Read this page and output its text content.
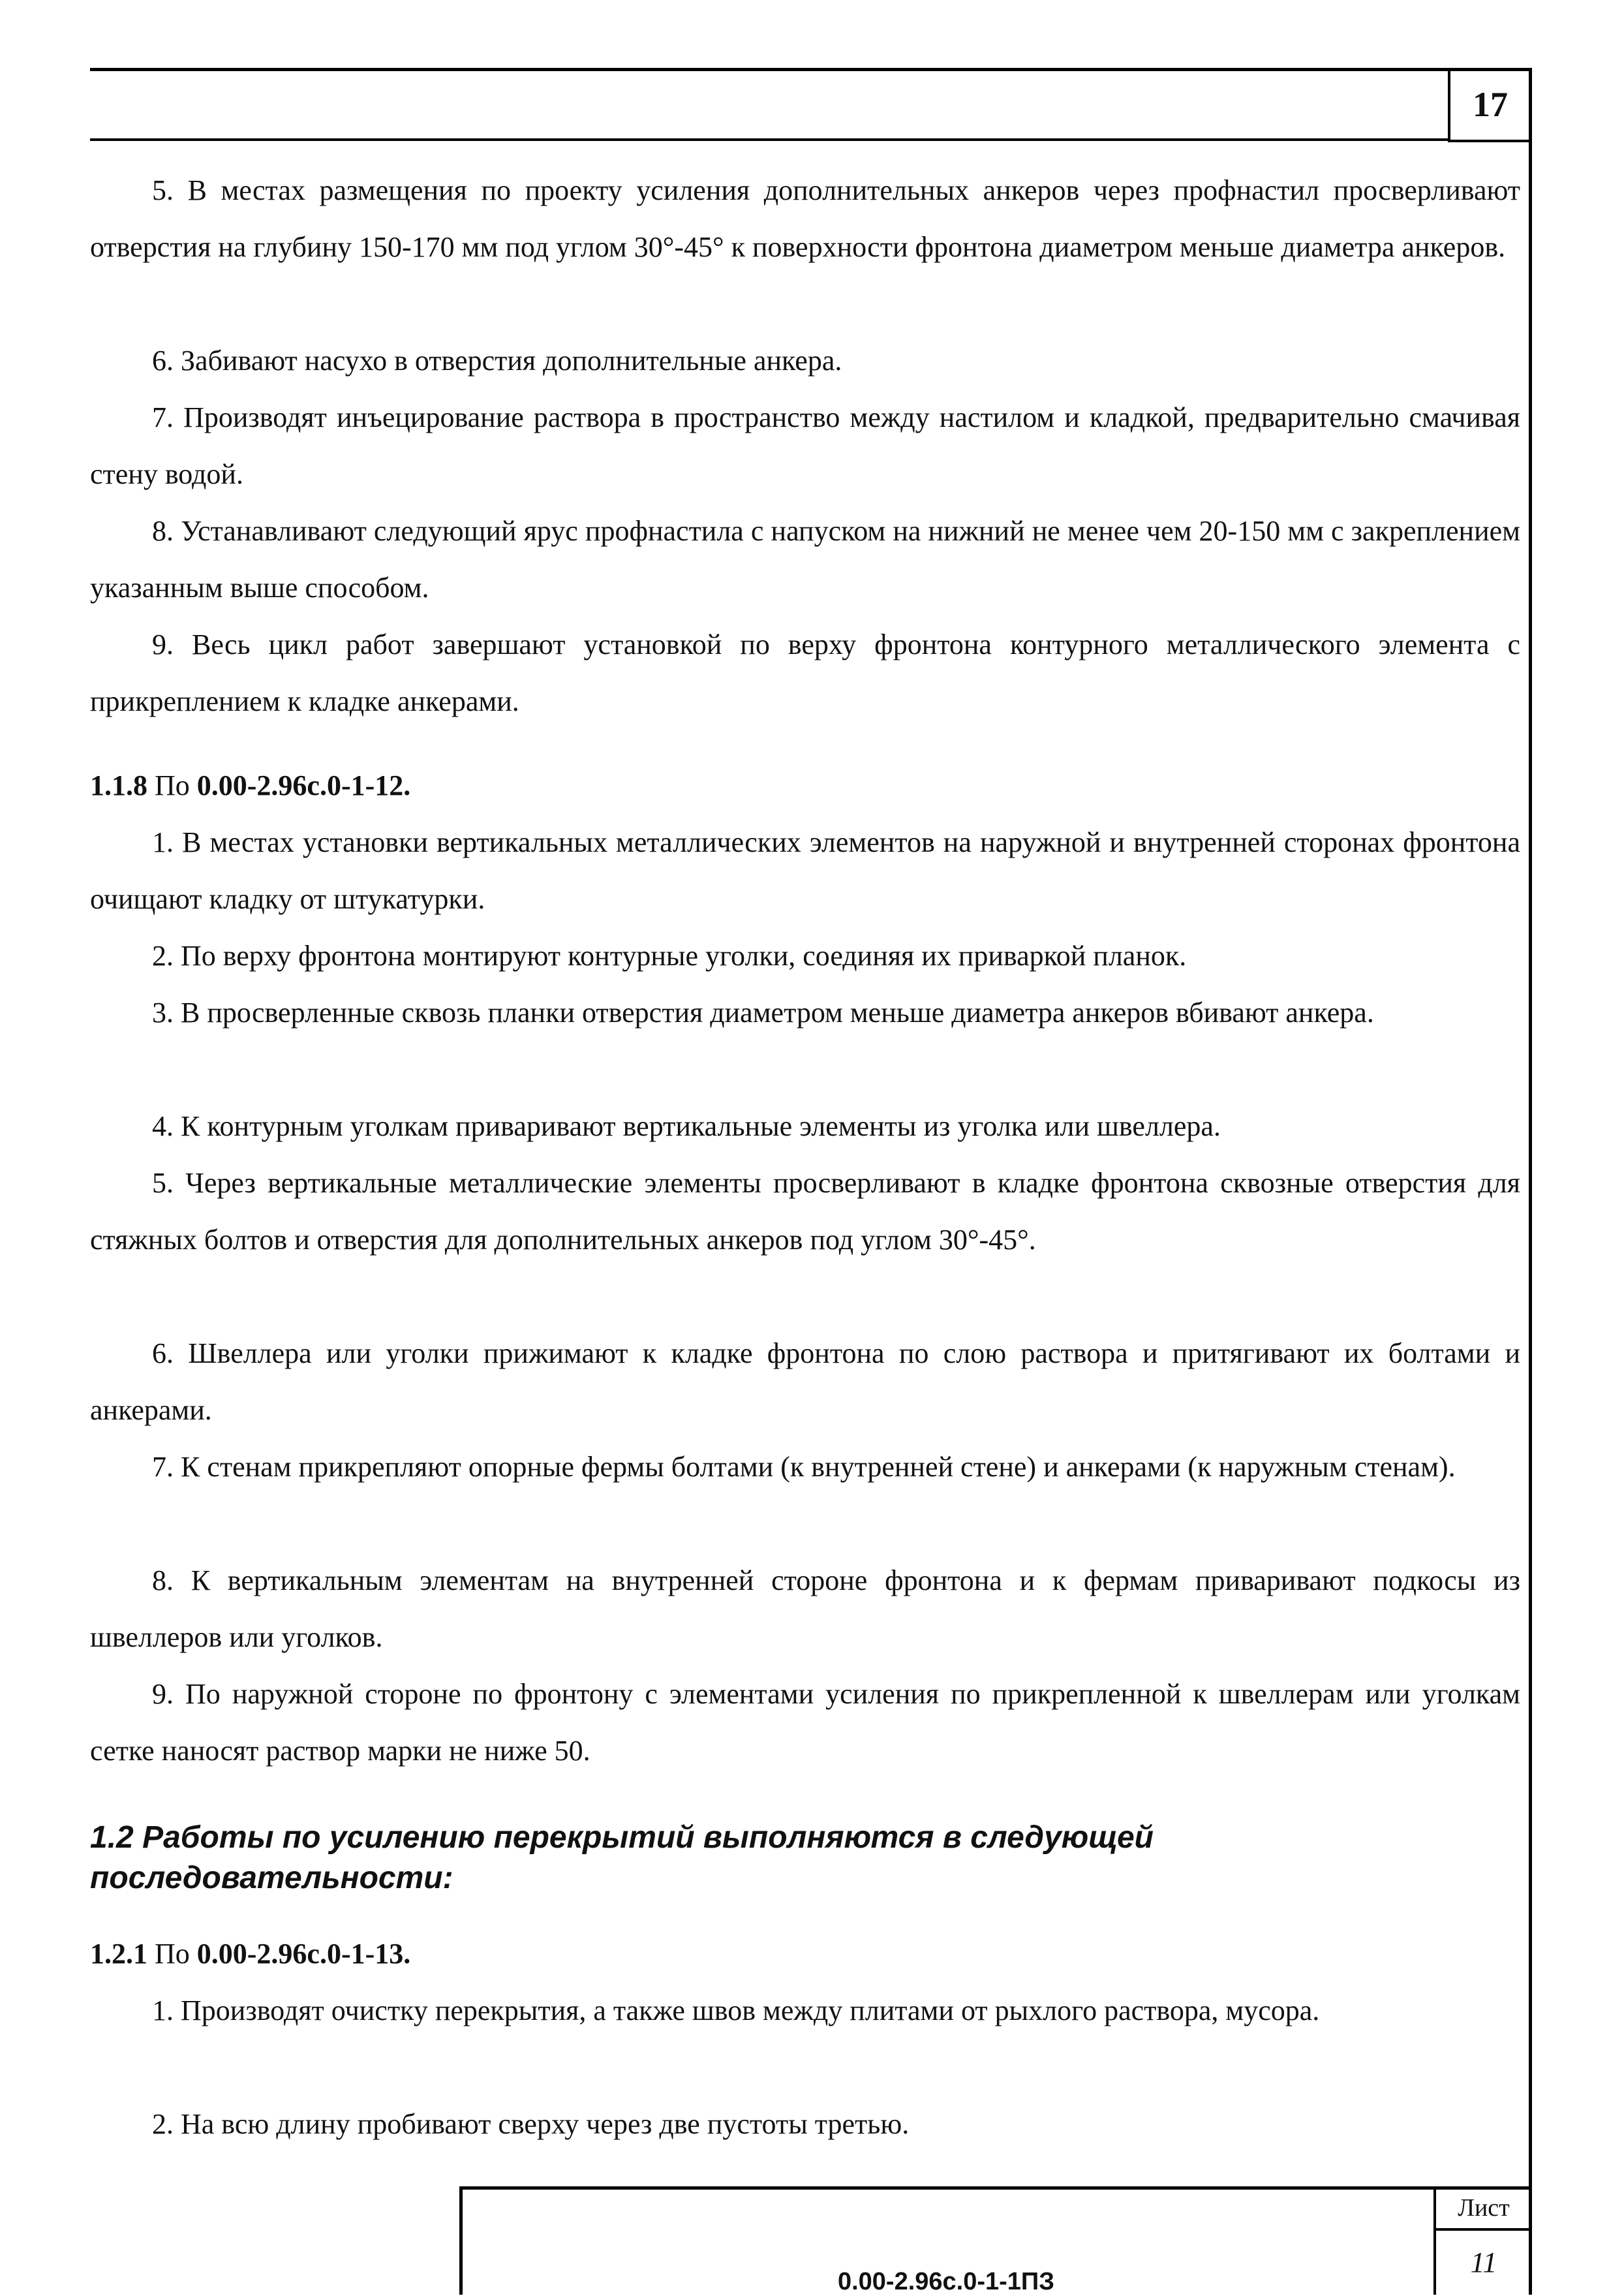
17

5. В местах размещения по проекту усиления дополнительных анкеров через профнастил просверливают отверстия на глубину 150-170 мм под углом 30°-45° к поверхности фронтона диаметром меньше диаметра анкеров.

6. Забивают насухо в отверстия дополнительные анкера.

7. Производят инъецирование раствора в пространство между настилом и кладкой, предварительно смачивая стену водой.

8. Устанавливают следующий ярус профнастила с напуском на нижний не менее чем 20-150 мм с закреплением указанным выше способом.

9. Весь цикл работ завершают установкой по верху фронтона контурного металлического элемента с прикреплением к кладке анкерами.

1.1.8 По 0.00-2.96с.0-1-12.

1. В местах установки вертикальных металлических элементов на наружной и внутренней сторонах фронтона очищают кладку от штукатурки.

2. По верху фронтона монтируют контурные уголки, соединяя их приваркой планок.

3. В просверленные сквозь планки отверстия диаметром меньше диаметра анкеров вбивают анкера.

4. К контурным уголкам приваривают вертикальные элементы из уголка или швеллера.

5. Через вертикальные металлические элементы просверливают в кладке фронтона сквозные отверстия для стяжных болтов и отверстия для дополнительных анкеров под углом 30°-45°.

6. Швеллера или уголки прижимают к кладке фронтона по слою раствора и притягивают их болтами и анкерами.

7. К стенам прикрепляют опорные фермы болтами (к внутренней стене) и анкерами (к наружным стенам).

8. К вертикальным элементам на внутренней стороне фронтона и к фермам приваривают подкосы из швеллеров или уголков.

9. По наружной стороне по фронтону с элементами усиления по прикрепленной к швеллерам или уголкам сетке наносят раствор марки не ниже 50.

1.2 Работы по усилению перекрытий выполняются в следующей последовательности:

1.2.1 По 0.00-2.96с.0-1-13.

1. Производят очистку перекрытия, а также швов между плитами от рыхлого раствора, мусора.

2. На всю длину пробивают сверху через две пустоты третью.

0.00-2.96с.0-1-1ПЗ
Лист
11
